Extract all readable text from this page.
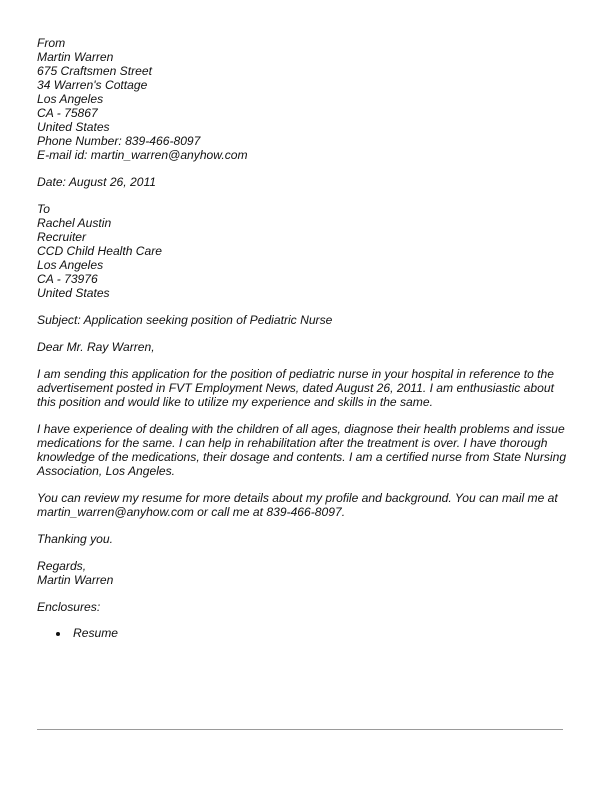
From
Martin Warren
675 Craftsmen Street
34 Warren's Cottage
Los Angeles
CA - 75867
United States
Phone Number: 839-466-8097
E-mail id: martin_warren@anyhow.com
Date: August 26, 2011
To
Rachel Austin
Recruiter
CCD Child Health Care
Los Angeles
CA - 73976
United States
Subject: Application seeking position of Pediatric Nurse
Dear Mr. Ray Warren,

I am sending this application for the position of pediatric nurse in your hospital in reference to the advertisement posted in FVT Employment News, dated August 26, 2011. I am enthusiastic about this position and would like to utilize my experience and skills in the same.

I have experience of dealing with the children of all ages, diagnose their health problems and issue medications for the same. I can help in rehabilitation after the treatment is over. I have thorough knowledge of the medications, their dosage and contents. I am a certified nurse from State Nursing Association, Los Angeles.

You can review my resume for more details about my profile and background. You can mail me at martin_warren@anyhow.com or call me at 839-466-8097.

Thanking you.
Regards,
Martin Warren
Enclosures:
Resume
